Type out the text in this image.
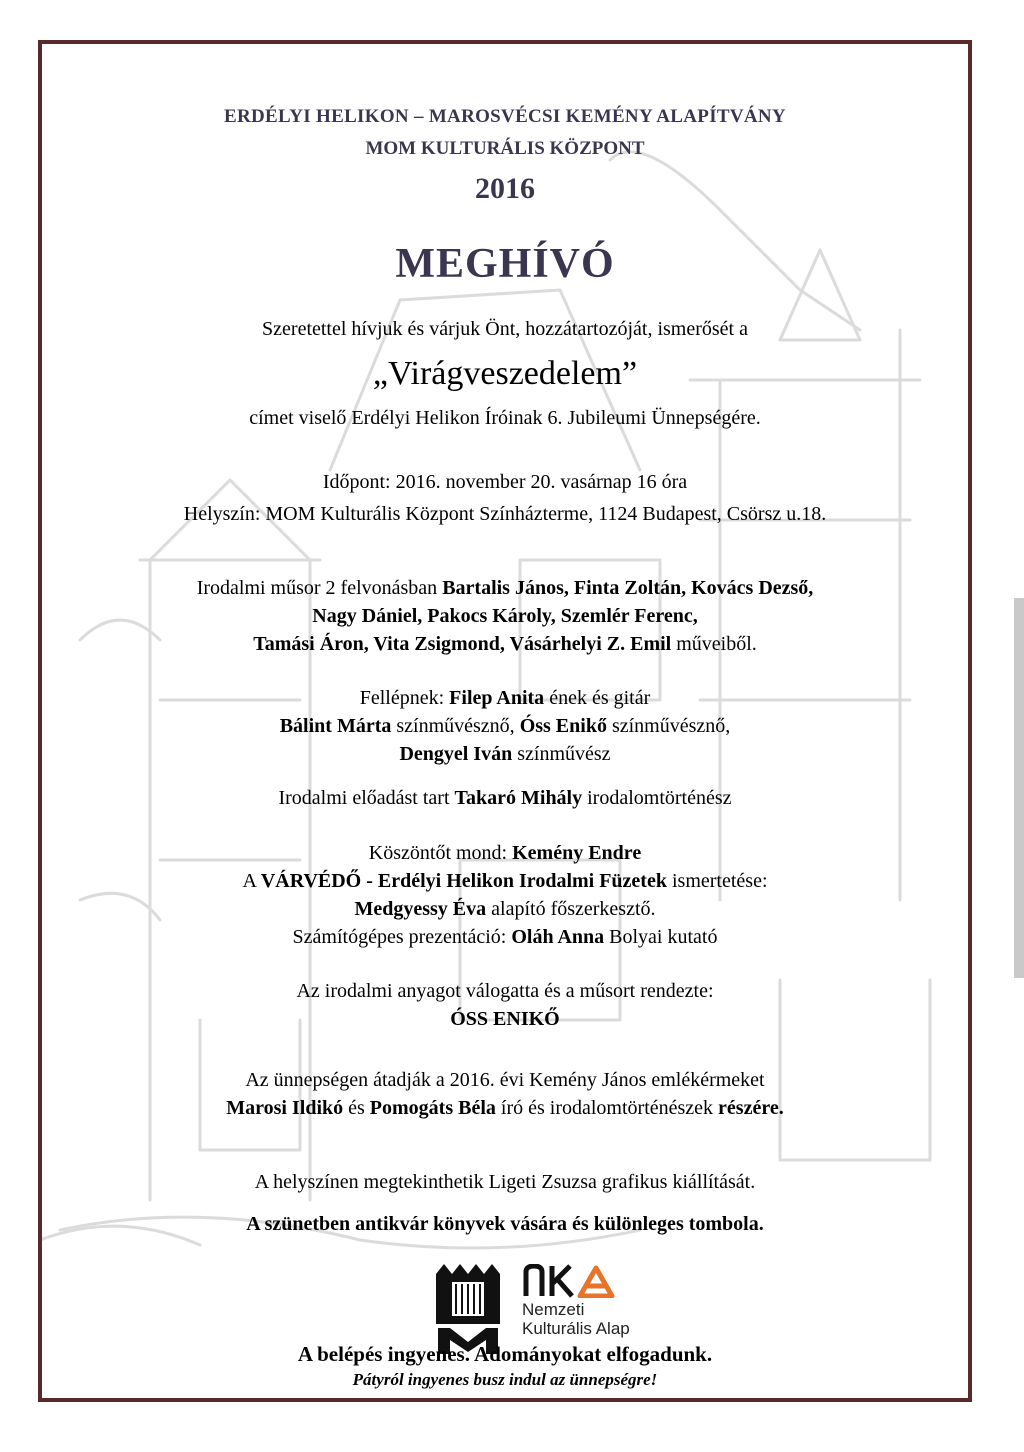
ERDÉLYI HELIKON – MAROSVÉCSI KEMÉNY ALAPÍTVÁNY
MOM KULTURÁLIS KÖZPONT
2016
MEGHÍVÓ
Szeretettel hívjuk és várjuk Önt, hozzátartozóját, ismerősét a
„Virágveszedelem”
címet viselő Erdélyi Helikon Íróinak 6. Jubileumi Ünnepségére.
Időpont: 2016. november 20. vasárnap 16 óra
Helyszín: MOM Kulturális Központ Színházterme, 1124 Budapest, Csörsz u.18.
Irodalmi műsor 2 felvonásban Bartalis János, Finta Zoltán, Kovács Dezső,
Nagy Dániel, Pakocs Károly, Szemlér Ferenc,
Tamási Áron, Vita Zsigmond, Vásárhelyi Z. Emil műveiből.
Fellépnek: Filep Anita ének és gitár
Bálint Márta színművésznő, Óss Enikő színművésznő,
Dengyel Iván színművész
Irodalmi előadást tart Takaró Mihály irodalomtörténész
Köszöntőt mond: Kemény Endre
A VÁRVÉDŐ - Erdélyi Helikon Irodalmi Füzetek ismertetése:
Medgyessy Éva alapító főszerkesztő.
Számítógépes prezentáció: Oláh Anna Bolyai kutató
Az irodalmi anyagot válogatta és a műsort rendezte:
ÓSS ENIKŐ
Az ünnepségen átadják a 2016. évi Kemény János emlékérmeket
Marosi Ildikó és Pomogáts Béla író és irodalomtörténészek részére.
A helyszínen megtekinthetik Ligeti Zsuzsa grafikus kiállítását.
A szünetben antikvár könyvek vására és különleges tombola.
Nemzeti
Kulturális Alap
A belépés ingyenes. Adományokat elfogadunk.
Pátyról ingyenes busz indul az ünnepségre!
